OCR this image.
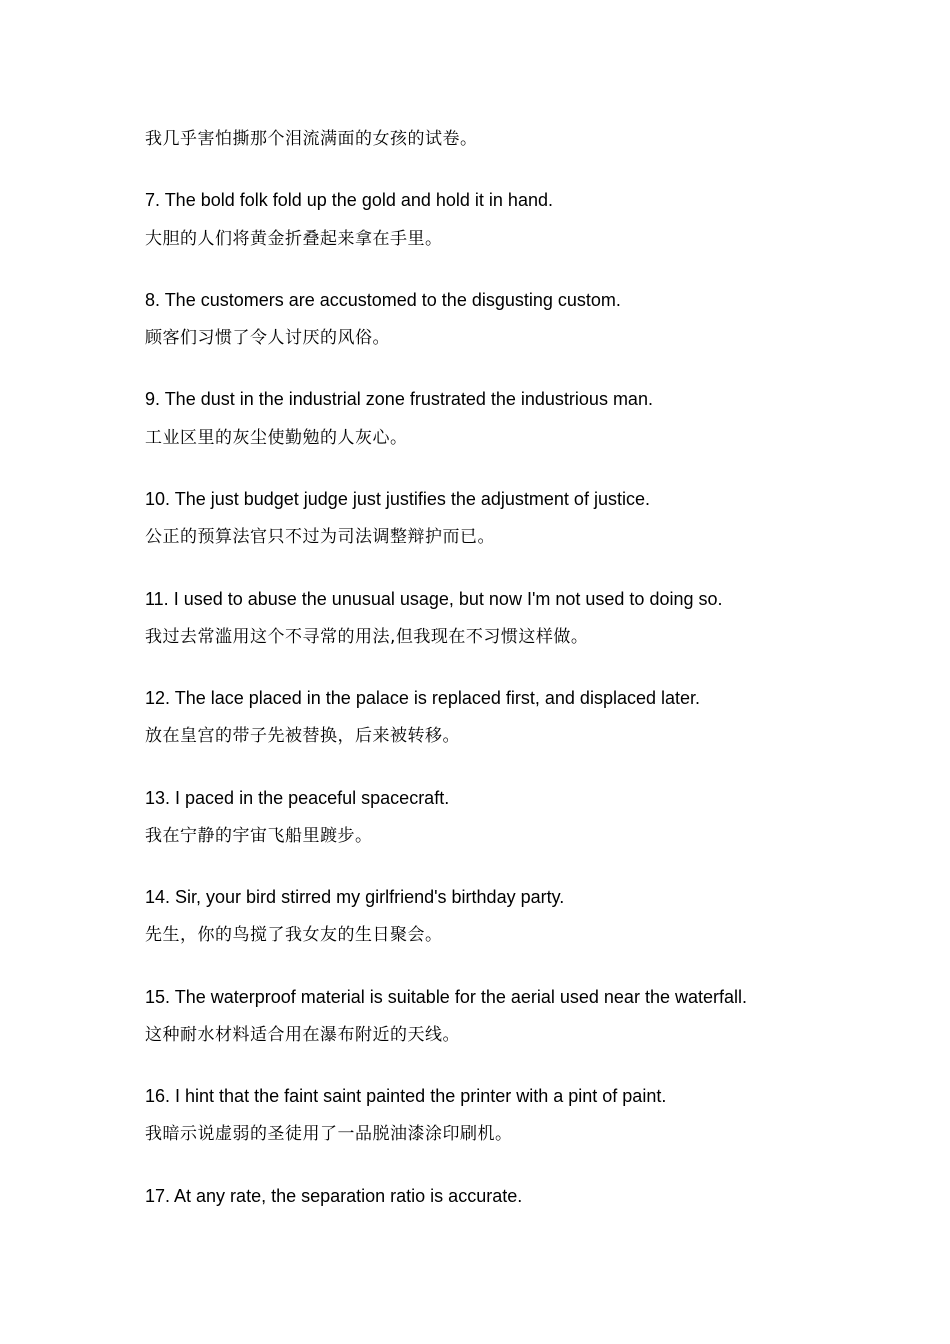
我几乎害怕撕那个泪流满面的女孩的试卷。
7. The bold folk fold up the gold and hold it in hand.
大胆的人们将黄金折叠起来拿在手里。
8. The customers are accustomed to the disgusting custom.
顾客们习惯了令人讨厌的风俗。
9. The dust in the industrial zone frustrated the industrious man.
工业区里的灰尘使勤勉的人灰心。
10. The just budget judge just justifies the adjustment of justice.
公正的预算法官只不过为司法调整辩护而已。
11. I used to abuse the unusual usage, but now I'm not used to doing so.
我过去常滥用这个不寻常的用法,但我现在不习惯这样做。
12. The lace placed in the palace is replaced first, and displaced later.
放在皇宫的带子先被替换，后来被转移。
13. I paced in the peaceful spacecraft.
我在宁静的宇宙飞船里踱步。
14. Sir, your bird stirred my girlfriend's birthday party.
先生，你的鸟搅了我女友的生日聚会。
15. The waterproof material is suitable for the aerial used near the waterfall.
这种耐水材料适合用在瀑布附近的天线。
16. I hint that the faint saint painted the printer with a pint of paint.
我暗示说虚弱的圣徒用了一品脱油漆涂印刷机。
17. At any rate, the separation ratio is accurate.
